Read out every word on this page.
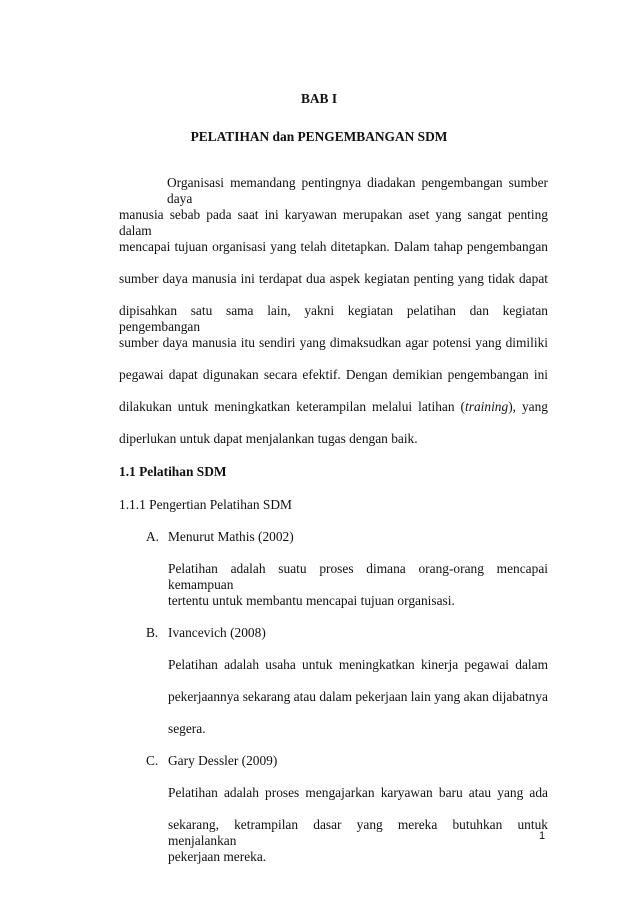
BAB I
PELATIHAN dan PENGEMBANGAN SDM
Organisasi memandang pentingnya diadakan pengembangan sumber daya
manusia sebab pada saat ini karyawan merupakan aset yang sangat penting dalam
mencapai tujuan organisasi yang telah ditetapkan. Dalam tahap pengembangan
sumber daya manusia ini terdapat dua aspek kegiatan penting yang tidak dapat
dipisahkan satu sama lain, yakni kegiatan pelatihan dan kegiatan pengembangan
sumber daya manusia itu sendiri yang dimaksudkan agar potensi yang dimiliki
pegawai dapat digunakan secara efektif. Dengan demikian pengembangan ini
dilakukan untuk meningkatkan keterampilan melalui latihan (training), yang
diperlukan untuk dapat menjalankan tugas dengan baik.
1.1 Pelatihan SDM
1.1.1 Pengertian Pelatihan SDM
A. Menurut Mathis (2002)
Pelatihan adalah suatu proses dimana orang-orang mencapai kemampuan
tertentu untuk membantu mencapai tujuan organisasi.
B. Ivancevich (2008)
Pelatihan adalah usaha untuk meningkatkan kinerja pegawai dalam
pekerjaannya sekarang atau dalam pekerjaan lain yang akan dijabatnya
segera.
C. Gary Dessler (2009)
Pelatihan adalah proses mengajarkan karyawan baru atau yang ada
sekarang, ketrampilan dasar yang mereka butuhkan untuk menjalankan
pekerjaan mereka.
1
